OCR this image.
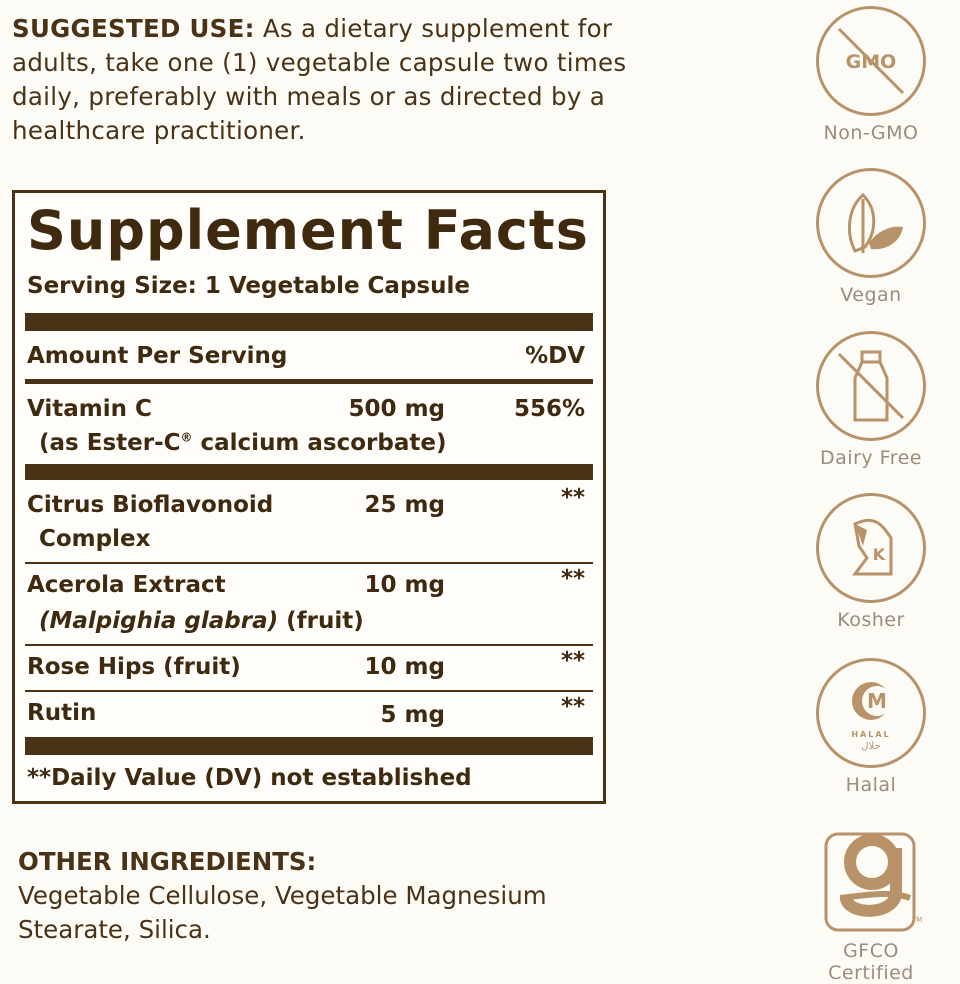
SUGGESTED USE: As a dietary supplement for
adults, take one (1) vegetable capsule two times
daily, preferably with meals or as directed by a
healthcare practitioner.
Supplement Facts
Serving Size: 1 Vegetable Capsule
Amount Per Serving	%DV
Vitamin C	500 mg	556%
(as Ester-C® calcium ascorbate)
Citrus Bioflavonoid
Complex
25 mg	**
Acerola Extract	10 mg	**
(Malpighia glabra) (fruit)
Rose Hips (fruit)	10 mg	**
Rutin	5 mg	**
**Daily Value (DV) not established
OTHER INGREDIENTS:
Vegetable Cellulose, Vegetable Magnesium
Stearate, Silica.
GMO
Non-GMO
Vegan
Dairy Free
K
Kosher
M
HALAL
حلال
Halal
TM
GFCO Certified
